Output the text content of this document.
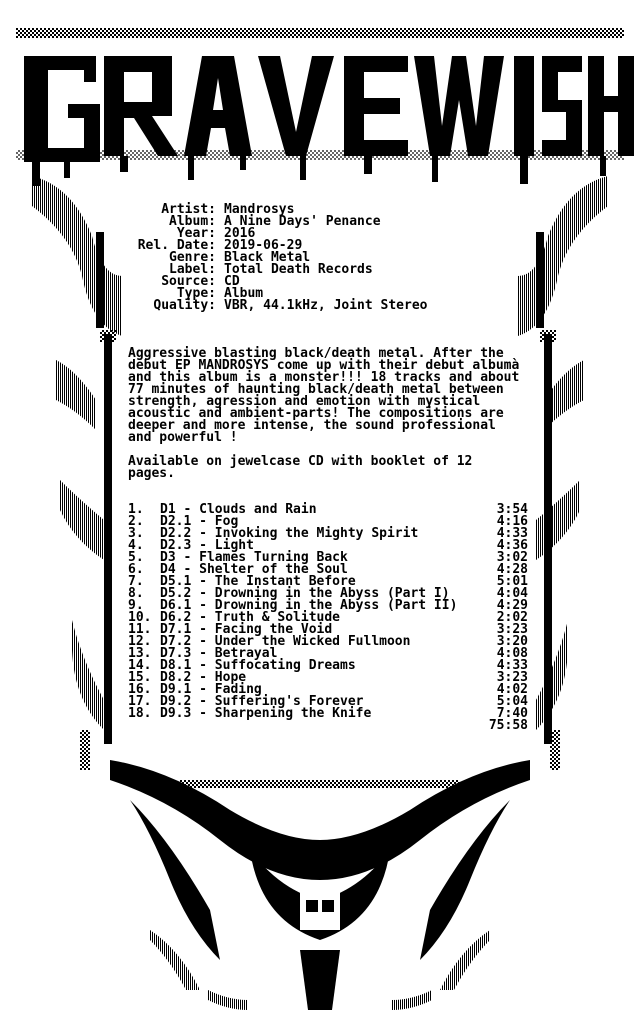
Artist: Mandrosys
Album: A Nine Days' Penance
Year: 2016
Rel. Date: 2019-06-29
Genre: Black Metal
Label: Total Death Records
Source: CD
Type: Album
Quality: VBR, 44.1kHz, Joint Stereo

Aggressive blasting black/death metal. After the debut EP MANDROSYS come up with their debut albumà and this album is a monster!!! 18 tracks and about 77 minutes of haunting black/death metal between strength, agression and emotion with mystical acoustic and ambient-parts! The compositions are deeper and more intense, the sound professional and powerful !

Available on jewelcase CD with booklet of 12 pages.

1. D1 - Clouds and Rain	3:54
2. D2.1 - Fog	4:16
3. D2.2 - Invoking the Mighty Spirit	4:33
4. D2.3 - Light	4:36
5. D3 - Flames Turning Back	3:02
6. D4 - Shelter of the Soul	4:28
7. D5.1 - The Instant Before	5:01
8. D5.2 - Drowning in the Abyss (Part I)	4:04
9. D6.1 - Drowning in the Abyss (Part II)	4:29
10. D6.2 - Truth & Solitude	2:02
11. D7.1 - Facing the Void	3:23
12. D7.2 - Under the Wicked Fullmoon	3:20
13. D7.3 - Betrayal	4:08
14. D8.1 - Suffocating Dreams	4:33
15. D8.2 - Hope	3:23
16. D9.1 - Fading	4:02
17. D9.2 - Suffering's Forever	5:04
18. D9.3 - Sharpening the Knife	7:40
75:58
